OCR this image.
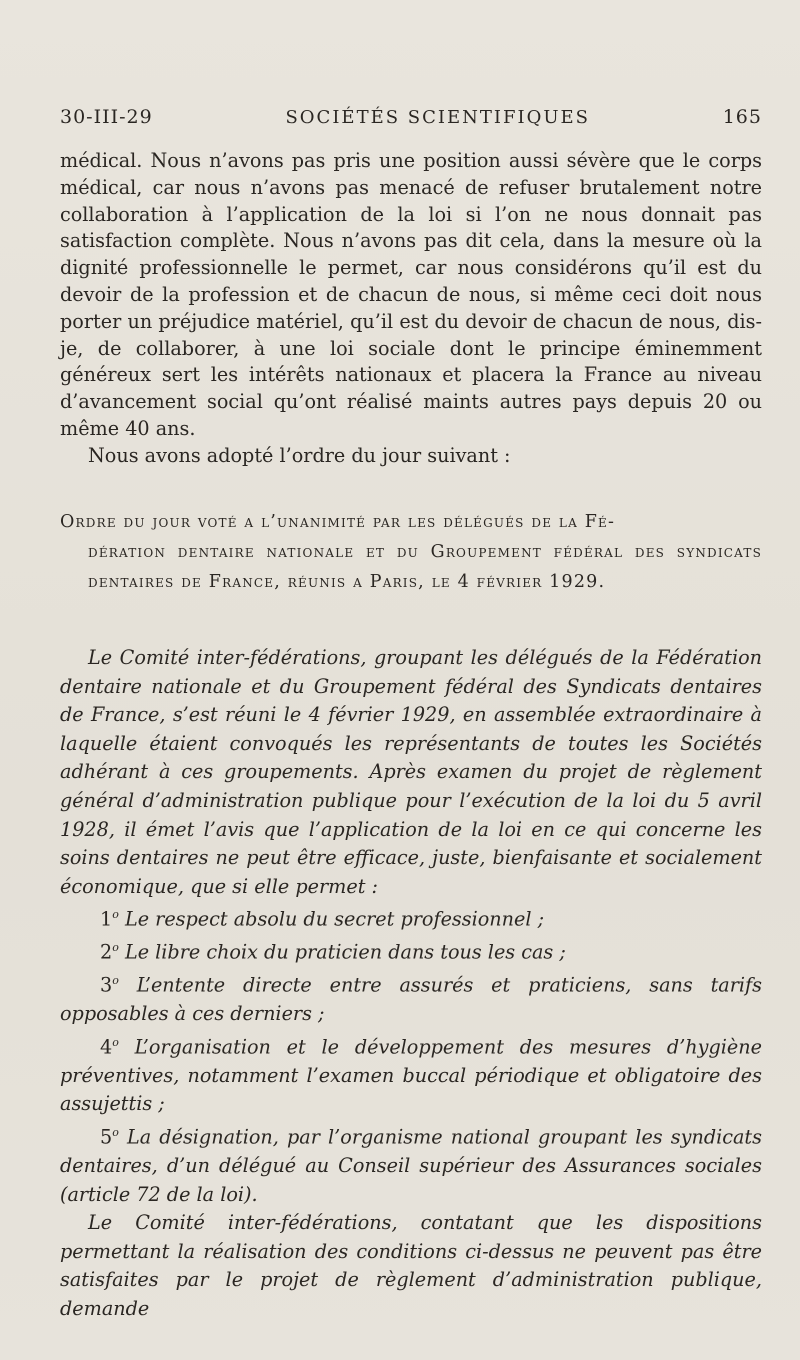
30-III-29	SOCIÉTÉS SCIENTIFIQUES	165

médical. Nous n’avons pas pris une position aussi sévère que le corps médical, car nous n’avons pas menacé de refuser brutalement notre collaboration à l’application de la loi si l’on ne nous donnait pas satisfaction complète. Nous n’avons pas dit cela, dans la mesure où la dignité professionnelle le permet, car nous considérons qu’il est du devoir de la profession et de chacun de nous, si même ceci doit nous porter un préjudice matériel, qu’il est du devoir de chacun de nous, dis-je, de collaborer, à une loi sociale dont le principe éminemment généreux sert les intérêts nationaux et placera la France au niveau d’avancement social qu’ont réalisé maints autres pays depuis 20 ou même 40 ans.

Nous avons adopté l’ordre du jour suivant :

Ordre du jour voté a l’unanimité par les délégués de la Fé-
dération dentaire nationale et du Groupement fédéral des syndicats dentaires de France, réunis a Paris, le 4 février 1929.

Le Comité inter-fédérations, groupant les délégués de la Fédération dentaire nationale et du Groupement fédéral des Syndicats dentaires de France, s’est réuni le 4 février 1929, en assemblée extraordinaire à laquelle étaient convoqués les représentants de toutes les Sociétés adhérant à ces groupements. Après examen du projet de règlement général d’administration publique pour l’exécution de la loi du 5 avril 1928, il émet l’avis que l’application de la loi en ce qui concerne les soins dentaires ne peut être efficace, juste, bienfaisante et socialement économique, que si elle permet :

1$^o$ Le respect absolu du secret professionnel ;

2$^o$ Le libre choix du praticien dans tous les cas ;

3$^o$ L’entente directe entre assurés et praticiens, sans tarifs opposables à ces derniers ;

4$^o$ L’organisation et le développement des mesures d’hygiène préventives, notamment l’examen buccal périodique et obligatoire des assujettis ;

5$^o$ La désignation, par l’organisme national groupant les syndicats dentaires, d’un délégué au Conseil supérieur des Assurances sociales (article 72 de la loi).

Le Comité inter-fédérations, contatant que les dispositions permettant la réalisation des conditions ci-dessus ne peuvent pas être satisfaites par le projet de règlement d’administration publique, demande
